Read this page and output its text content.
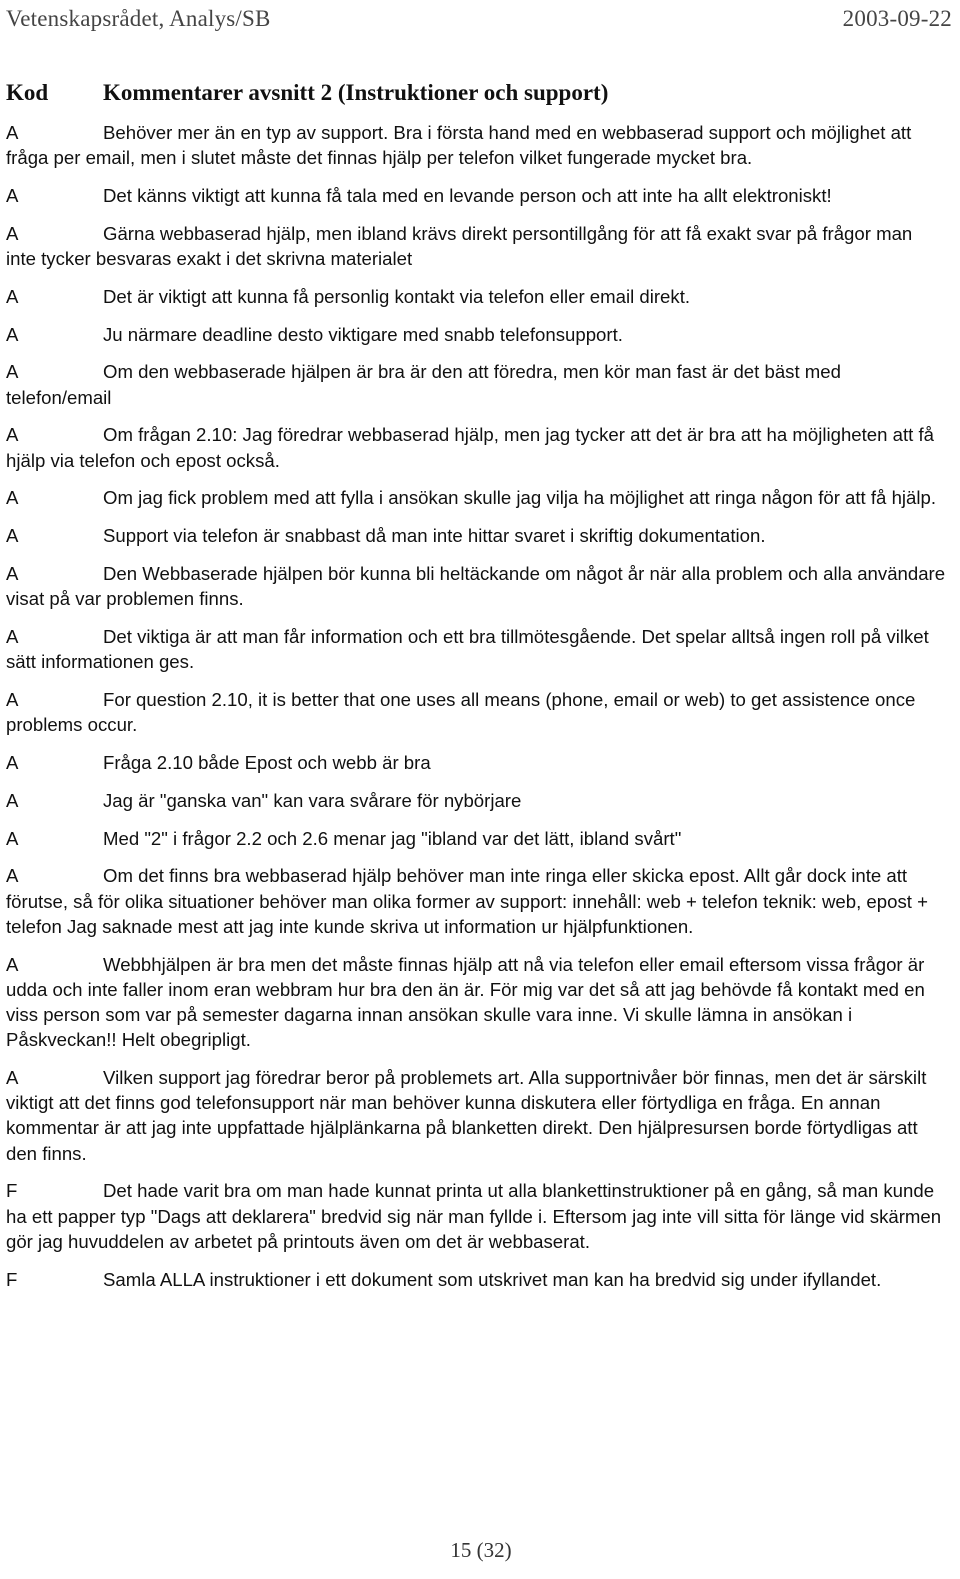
Vetenskapsrådet, Analys/SB	2003-09-22
Kod Kommentarer avsnitt 2 (Instruktioner och support)

A	Behöver mer än en typ av support. Bra i första hand med en webbaserad support och möjlighet att fråga per email, men i slutet måste det finnas hjälp per telefon vilket fungerade mycket bra.

A	Det känns viktigt att kunna få tala med en levande person och att inte ha allt elektroniskt!

A	Gärna webbaserad hjälp, men ibland krävs direkt persontillgång för att få exakt svar på frågor man inte tycker besvaras exakt i det skrivna materialet

A	Det är viktigt att kunna få personlig kontakt via telefon eller email direkt.

A	Ju närmare deadline desto viktigare med snabb telefonsupport.

A	Om den webbaserade hjälpen är bra är den att föredra, men kör man fast är det bäst med telefon/email

A	Om frågan 2.10: Jag föredrar webbaserad hjälp, men jag tycker att det är bra att ha möjligheten att få hjälp via telefon och epost också.

A	Om jag fick problem med att fylla i ansökan skulle jag vilja ha möjlighet att ringa någon för att få hjälp.

A	Support via telefon är snabbast då man inte hittar svaret i skriftig dokumentation.

A	Den Webbaserade hjälpen bör kunna bli heltäckande om något år när alla problem och alla användare visat på var problemen finns.

A	Det viktiga är att man får information och ett bra tillmötesgående. Det spelar alltså ingen roll på vilket sätt informationen ges.

A	For question 2.10, it is better that one uses all means (phone, email or web) to get assistence once problems occur.

A	Fråga 2.10 både Epost och webb är bra

A	Jag är "ganska van" kan vara svårare för nybörjare

A	Med "2" i frågor 2.2 och 2.6 menar jag "ibland var det lätt, ibland svårt"

A	Om det finns bra webbaserad hjälp behöver man inte ringa eller skicka epost. Allt går dock inte att förutse, så för olika situationer behöver man olika former av support: innehåll: web + telefon teknik: web, epost + telefon Jag saknade mest att jag inte kunde skriva ut information ur hjälpfunktionen.

A	Webbhjälpen är bra men det måste finnas hjälp att nå via telefon eller email eftersom vissa frågor är udda och inte faller inom eran webbram hur bra den än är. För mig var det så att jag behövde få kontakt med en viss person som var på semester dagarna innan ansökan skulle vara inne. Vi skulle lämna in ansökan i Påskveckan!! Helt obegripligt.

A	Vilken support jag föredrar beror på problemets art. Alla supportnivåer bör finnas, men det är särskilt viktigt att det finns god telefonsupport när man behöver kunna diskutera eller förtydliga en fråga. En annan kommentar är att jag inte uppfattade hjälplänkarna på blanketten direkt. Den hjälpresursen borde förtydligas att den finns.

F	Det hade varit bra om man hade kunnat printa ut alla blankettinstruktioner på en gång, så man kunde ha ett papper typ "Dags att deklarera" bredvid sig när man fyllde i. Eftersom jag inte vill sitta för länge vid skärmen gör jag huvuddelen av arbetet på printouts även om det är webbaserat.

F	Samla ALLA instruktioner i ett dokument som utskrivet man kan ha bredvid sig under ifyllandet.

15 (32)
